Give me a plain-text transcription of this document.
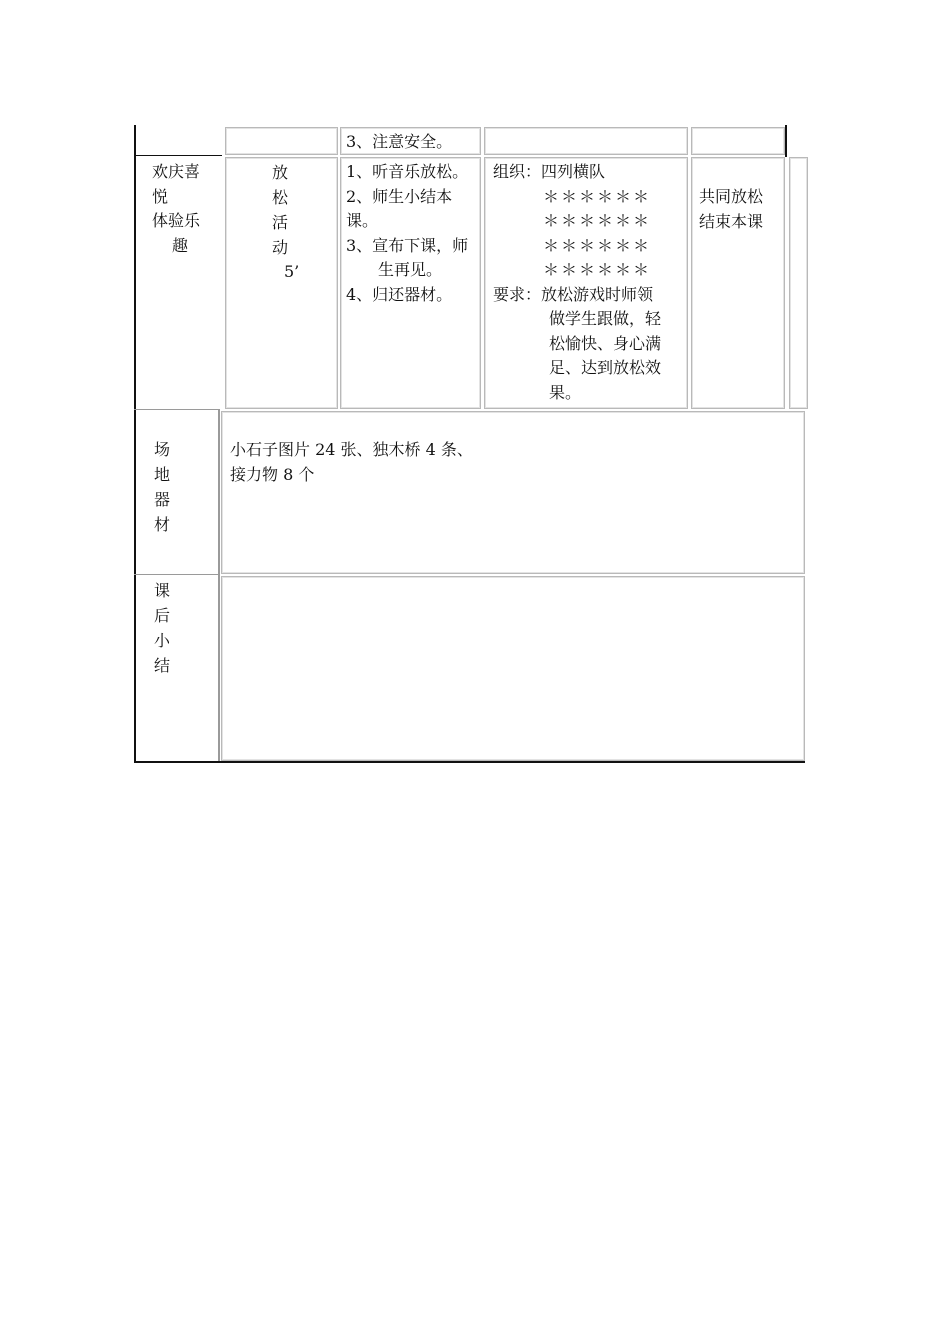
3、注意安全。
欢庆喜
悦
体验乐
趣
放
松
活
动
5’
1、听音乐放松。
2、师生小结本
课。
3、宣布下课，师
生再见。
4、归还器材。
组织：四列横队
＊＊＊＊＊＊
＊＊＊＊＊＊
＊＊＊＊＊＊
＊＊＊＊＊＊
要求：放松游戏时师领
做学生跟做，轻
松愉快、身心满
足、达到放松效
果。
共同放松
结束本课
场
地
器
材
小石子图片 24 张、独木桥 4 条、
接力物 8 个
课
后
小
结
